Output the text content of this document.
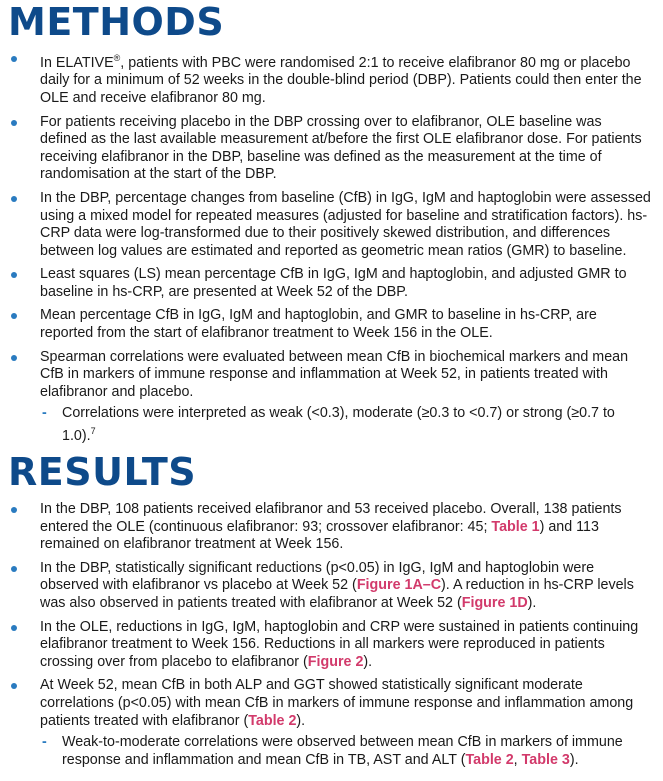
METHODS
In ELATIVE®, patients with PBC were randomised 2:1 to receive elafibranor 80 mg or placebo daily for a minimum of 52 weeks in the double-blind period (DBP). Patients could then enter the OLE and receive elafibranor 80 mg.
For patients receiving placebo in the DBP crossing over to elafibranor, OLE baseline was defined as the last available measurement at/before the first OLE elafibranor dose. For patients receiving elafibranor in the DBP, baseline was defined as the measurement at the time of randomisation at the start of the DBP.
In the DBP, percentage changes from baseline (CfB) in IgG, IgM and haptoglobin were assessed using a mixed model for repeated measures (adjusted for baseline and stratification factors). hs-CRP data were log-transformed due to their positively skewed distribution, and differences between log values are estimated and reported as geometric mean ratios (GMR) to baseline.
Least squares (LS) mean percentage CfB in IgG, IgM and haptoglobin, and adjusted GMR to baseline in hs-CRP, are presented at Week 52 of the DBP.
Mean percentage CfB in IgG, IgM and haptoglobin, and GMR to baseline in hs-CRP, are reported from the start of elafibranor treatment to Week 156 in the OLE.
Spearman correlations were evaluated between mean CfB in biochemical markers and mean CfB in markers of immune response and inflammation at Week 52, in patients treated with elafibranor and placebo.
- Correlations were interpreted as weak (<0.3), moderate (≥0.3 to <0.7) or strong (≥0.7 to 1.0).$^7$
RESULTS
In the DBP, 108 patients received elafibranor and 53 received placebo. Overall, 138 patients entered the OLE (continuous elafibranor: 93; crossover elafibranor: 45; Table 1) and 113 remained on elafibranor treatment at Week 156.
In the DBP, statistically significant reductions (p<0.05) in IgG, IgM and haptoglobin were observed with elafibranor vs placebo at Week 52 (Figure 1A–C). A reduction in hs-CRP levels was also observed in patients treated with elafibranor at Week 52 (Figure 1D).
In the OLE, reductions in IgG, IgM, haptoglobin and CRP were sustained in patients continuing elafibranor treatment to Week 156. Reductions in all markers were reproduced in patients crossing over from placebo to elafibranor (Figure 2).
At Week 52, mean CfB in both ALP and GGT showed statistically significant moderate correlations (p<0.05) with mean CfB in markers of immune response and inflammation among patients treated with elafibranor (Table 2).
- Weak-to-moderate correlations were observed between mean CfB in markers of immune response and inflammation and mean CfB in TB, AST and ALT (Table 2, Table 3).
